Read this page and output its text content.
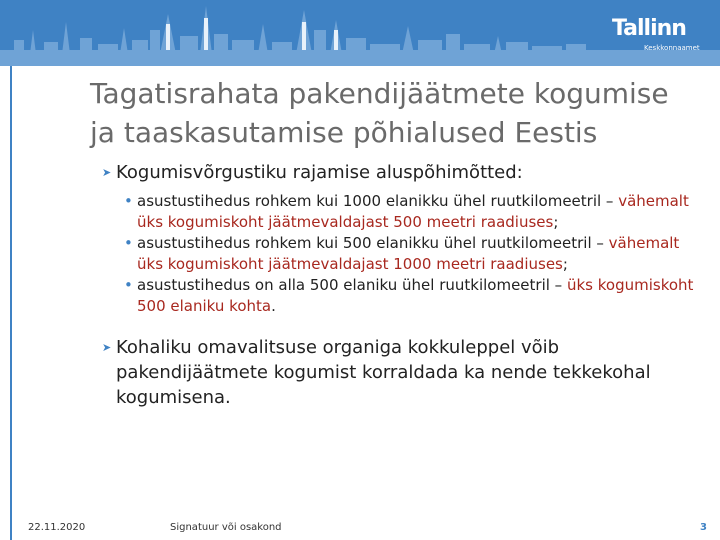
Tallinn
Keskkonnaamet
Tagatisrahata pakendijäätmete kogumise
ja taaskasutamise põhialused Eestis
➤ Kogumisvõrgustiku rajamise aluspõhimõtted:
• asustustihedus rohkem kui 1000 elanikku ühel ruutkilomeetril – vähemalt üks kogumiskoht jäätmevaldajast 500 meetri raadiuses;
• asustustihedus rohkem kui 500 elanikku ühel ruutkilomeetril – vähemalt üks kogumiskoht jäätmevaldajast 1000 meetri raadiuses;
• asustustihedus on alla 500 elaniku ühel ruutkilomeetril – üks kogumiskoht 500 elaniku kohta.
➤ Kohaliku omavalitsuse organiga kokkuleppel võib pakendijäätmete kogumist korraldada ka nende tekkekohal kogumisena.
22.11.2020	Signatuur või osakond	3
